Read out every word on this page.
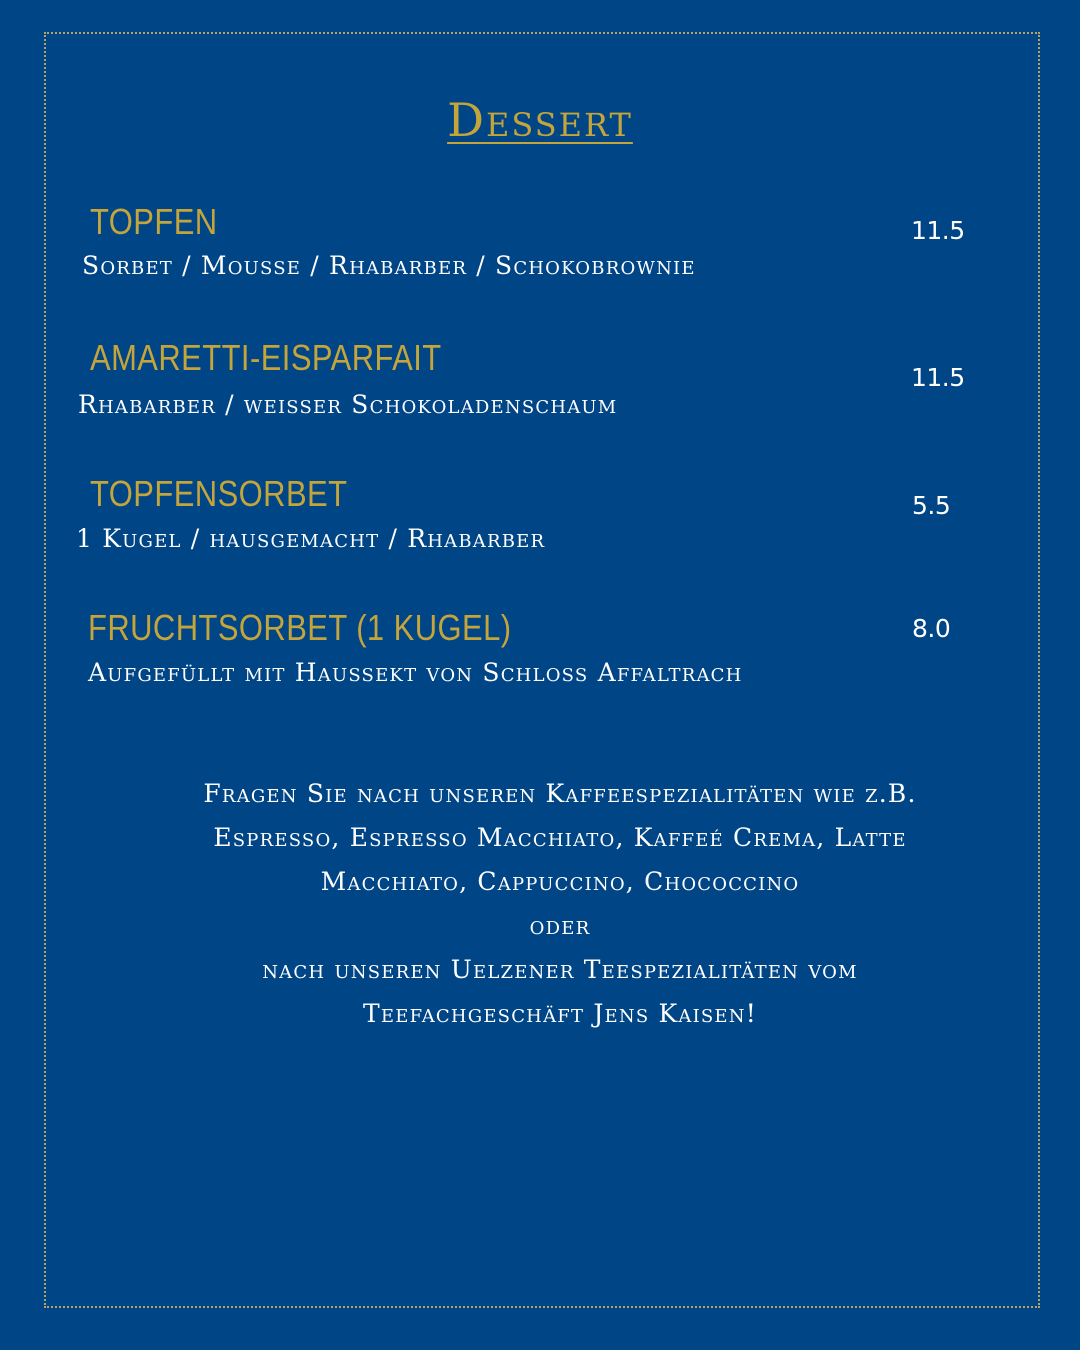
Dessert
TOPFEN
Sorbet / Mousse / Rhabarber / Schokobrownie
11.5
AMARETTI-EISPARFAIT
Rhabarber / weisser Schokoladenschaum
11.5
TOPFENSORBET
1 Kugel / hausgemacht / Rhabarber
5.5
FRUCHTSORBET (1 KUGEL)
Aufgefüllt mit Haussekt von Schloss Affaltrach
8.0
Fragen Sie nach unseren Kaffeespezialitäten wie z.B.
Espresso, Espresso Macchiato, Kaffeé Crema, Latte
Macchiato, Cappuccino, Chococcino
oder
nach unseren Uelzener Teespezialitäten vom
Teefachgeschäft Jens Kaisen!
